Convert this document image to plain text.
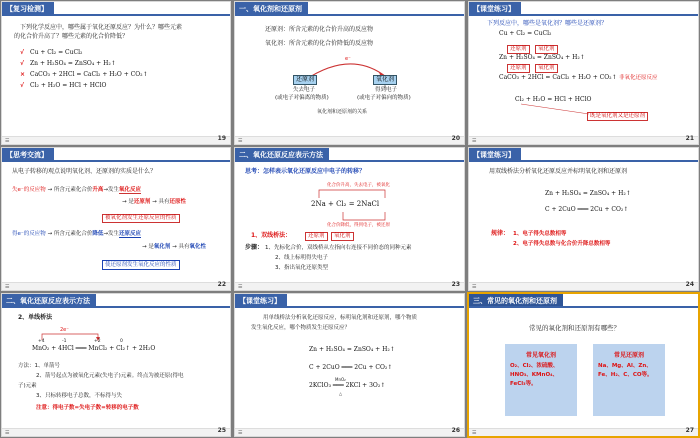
【复习检测】
下列化学反应中，哪些属于氧化还原反应？为什么？哪些元素
的化合价升高了？哪些元素的化合价降低？
√ Cu + Cl₂ = CuCl₂
√ Zn + H₂SO₄ = ZnSO₄ + H₂↑
× CaCO₃ + 2HCl = CaCl₂ + H₂O + CO₂↑
√ Cl₂ + H₂O = HCl + HClO
☰	19
一、氧化剂和还原剂
还原剂：所含元素的化合价升高的反应物
氧化剂：所含元素的化合价降低的反应物
e⁻
还原剂	氧化剂
失去电子
(或电子对偏离的物质)
得到电子
(或电子对偏向的物质)
氧化剂和还原剂的关系
☰	20
【课堂练习】
下列反应中，哪些是氧化剂？哪些是还原剂？
Cu + Cl₂ = CuCl₂
还原剂	氧化剂
Zn + H₂SO₄ = ZnSO₄ + H₂↑
还原剂	氧化剂
CaCO₃ + 2HCl = CaCl₂ + H₂O + CO₂↑ 非氧化还原反应
Cl₂ + H₂O = HCl + HClO
既是氧化剂又是还原剂
☰	21
【思考交流】
从电子转移的观点说明氧化剂、还原剂的实质是什么？
失e⁻的反应物 → 所含元素化合价升高→发生氧化反应
→ 是还原剂 → 具有还原性
被氧化剂发生还原反应的性质
得e⁻的反应物 → 所含元素化合价降低→发生还原反应
→ 是氧化剂 → 具有氧化性
使还原剂发生氧化反应的性质
☰	22
二、氧化还原反应表示方法
思考：怎样表示氧化还原反应中电子的转移？
化合价升高，失去电子，被氧化
2Na + Cl₂ = 2NaCl
化合价降低，得到电子，被还原
1、双线桥法：	还原剂	氧化剂
步骤： 1、先标化合价，双线桥从左指向右连接不同价态的同种元素
2、线上标明得失电子
3、指出氧化还原类型
☰	23
【课堂练习】
用双线桥法分析氧化还原反应并标明氧化剂和还原剂
Zn + H₂SO₄ = ZnSO₄ + H₂↑
C + 2CuO ═══ 2Cu + CO₂↑
规律： 1、电子得失总数相等
2、电子得失总数与化合价升降总数相等
☰	24
二、氧化还原反应表示方法
2、单线桥法
2e⁻
+4	-1	+2	0
MnO₂ + 4HCl ═══ MnCl₂ + Cl₂↑ + 2H₂O
方法：1、单箭号
2、箭号起点为被氧化元素(失电子)元素。终点为被还原(得电
子)元素
3、只标转移电子总数，不标得与失
注意：得电子数=失电子数=转移的电子数
☰	25
【课堂练习】
用单线桥法分析氧化还原反应，标明氧化剂和还原剂，哪个物质
发生氧化反应，哪个物质发生还原反应？
Zn + H₂SO₄ = ZnSO₄ + H₂↑
C + 2CuO ═══ 2Cu + CO₂↑
MnO₂
2KClO₃ ═══ 2KCl + 3O₂↑
△
☰	26
三、常见的氧化剂和还原剂
常见的氧化剂和还原剂有哪些？
常见氧化剂
O₂、Cl₂、浓硫酸、HNO₃、KMnO₄、FeCl₃等。
常见还原剂
Na、Mg、Al、Zn、Fe、H₂、C、CO等。
☰	27
